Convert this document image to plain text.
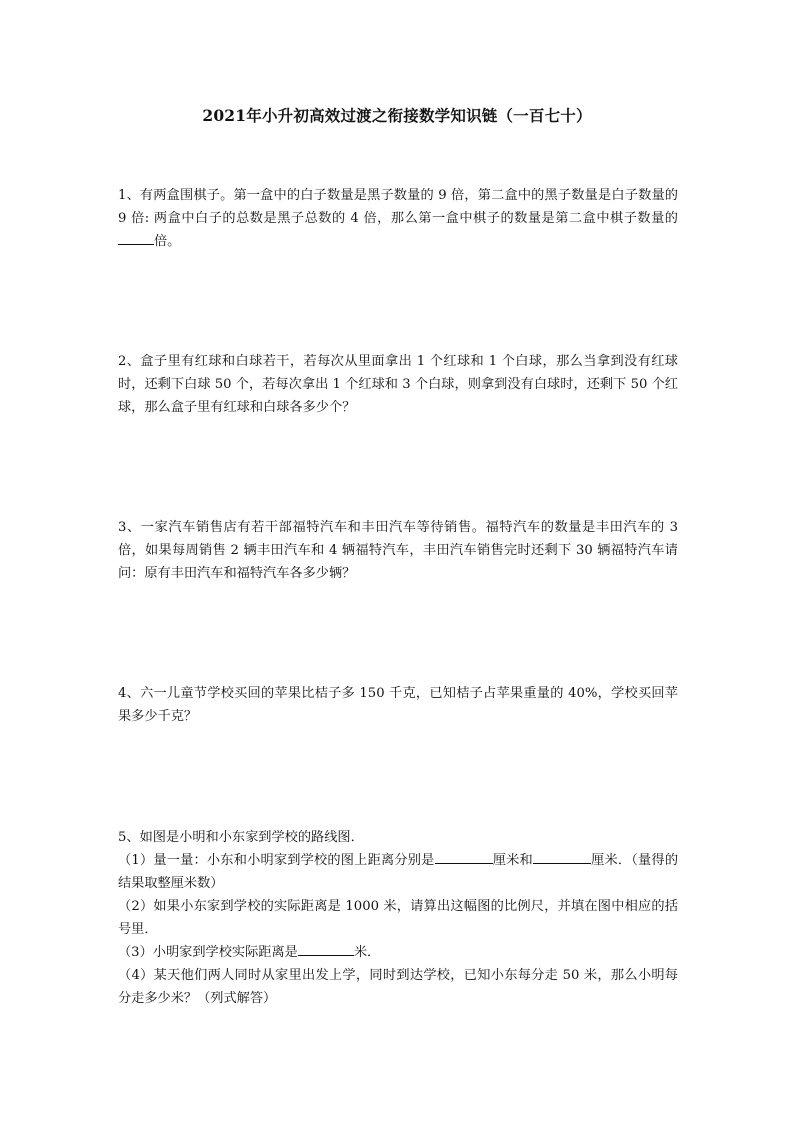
2021年小升初高效过渡之衔接数学知识链（一百七十）

1、有两盒围棋子。第一盒中的白子数量是黑子数量的 9 倍，第二盒中的黑子数量是白子数量的 9 倍: 两盒中白子的总数是黑子总数的 4 倍，那么第一盒中棋子的数量是第二盒中棋子数量的倍。

2、盒子里有红球和白球若干，若每次从里面拿出 1 个红球和 1 个白球，那么当拿到没有红球时，还剩下白球 50 个，若每次拿出 1 个红球和 3 个白球，则拿到没有白球时，还剩下 50 个红球，那么盒子里有红球和白球各多少个？

3、一家汽车销售店有若干部福特汽车和丰田汽车等待销售。福特汽车的数量是丰田汽车的 3 倍，如果每周销售 2 辆丰田汽车和 4 辆福特汽车，丰田汽车销售完时还剩下 30 辆福特汽车请问：原有丰田汽车和福特汽车各多少辆？

4、六一儿童节学校买回的苹果比桔子多 150 千克，已知桔子占苹果重量的 40%，学校买回苹果多少千克？

5、如图是小明和小东家到学校的路线图．

（1）量一量：小东和小明家到学校的图上距离分别是	厘米和	厘米．（量得的结果取整厘米数）

（2）如果小东家到学校的实际距离是 1000 米，请算出这幅图的比例尺，并填在图中相应的括号里．

（3）小明家到学校实际距离是	米．

（4）某天他们两人同时从家里出发上学，同时到达学校，已知小东每分走 50 米，那么小明每分走多少米？（列式解答）
